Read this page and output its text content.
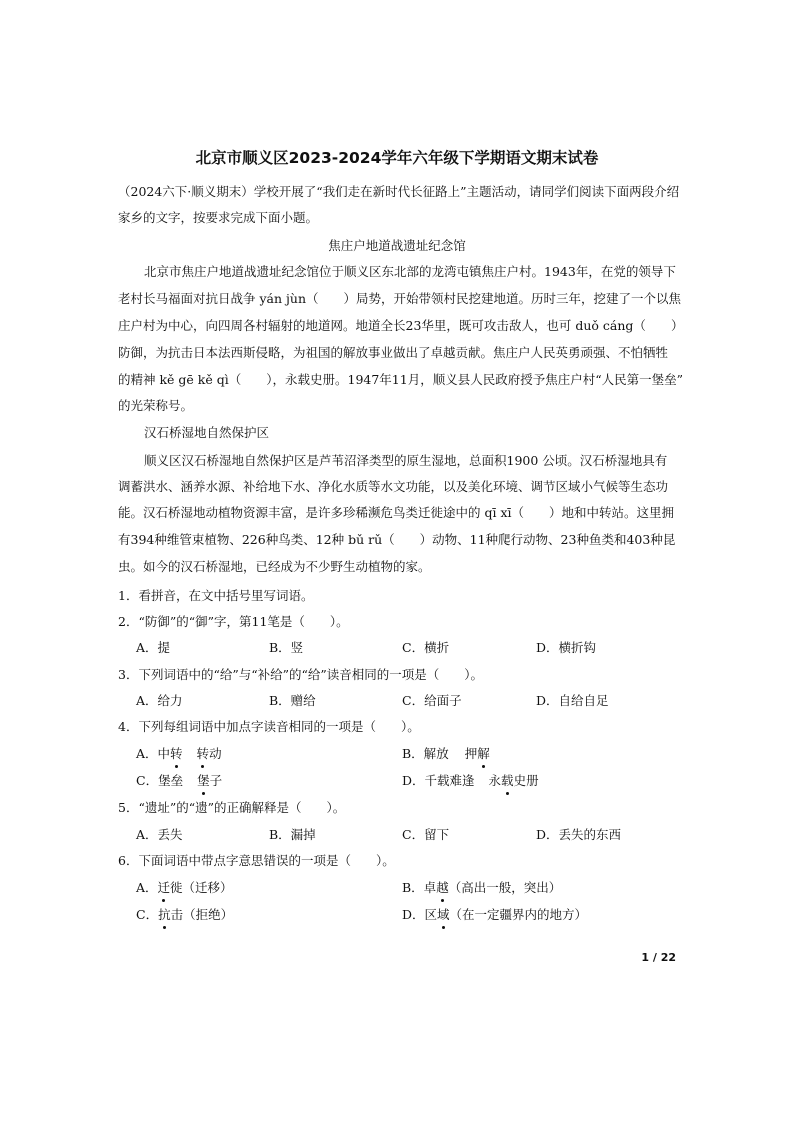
北京市顺义区2023-2024学年六年级下学期语文期末试卷
（2024六下·顺义期末）学校开展了“我们走在新时代长征路上”主题活动，请同学们阅读下面两段介绍
家乡的文字，按要求完成下面小题。
焦庄户地道战遗址纪念馆
北京市焦庄户地道战遗址纪念馆位于顺义区东北部的龙湾屯镇焦庄户村。1943年，在党的领导下
老村长马福面对抗日战争 yán jùn（　　）局势，开始带领村民挖建地道。历时三年，挖建了一个以焦
庄户村为中心，向四周各村辐射的地道网。地道全长23华里，既可攻击敌人，也可 duǒ cáng（　　）
防御，为抗击日本法西斯侵略，为祖国的解放事业做出了卓越贡献。焦庄户人民英勇顽强、不怕牺牲
的精神 kě gē kě qì（　　），永载史册。1947年11月，顺义县人民政府授予焦庄户村“人民第一堡垒”
的光荣称号。
汉石桥湿地自然保护区
顺义区汉石桥湿地自然保护区是芦苇沼泽类型的原生湿地，总面积1900 公顷。汉石桥湿地具有
调蓄洪水、涵养水源、补给地下水、净化水质等水文功能，以及美化环境、调节区域小气候等生态功
能。汉石桥湿地动植物资源丰富，是许多珍稀濒危鸟类迁徙途中的 qī xī（　　）地和中转站。这里拥
有394种维管束植物、226种鸟类、12种 bǔ rǔ（　　）动物、11种爬行动物、23种鱼类和403种昆
虫。如今的汉石桥湿地，已经成为不少野生动植物的家。
1．看拼音，在文中括号里写词语。
2．“防御”的“御”字，第11笔是（　　）。
A．提	B．竖	C．横折	D．横折钩
3．下列词语中的“给”与“补给”的“给”读音相同的一项是（　　）。
A．给力	B．赠给	C．给面子	D．自给自足
4．下列每组词语中加点字读音相同的一项是（　　）。
A．中转 转动	B．解放 押解
C．堡垒 堡子	D．千载难逢 永载史册
5．“遗址”的“遗”的正确解释是（　　）。
A．丢失	B．漏掉	C．留下	D．丢失的东西
6．下面词语中带点字意思错误的一项是（　　）。
A．迁徙（迁移）	B．卓越（高出一般，突出）
C．抗击（拒绝）	D．区域（在一定疆界内的地方）
1 / 22
